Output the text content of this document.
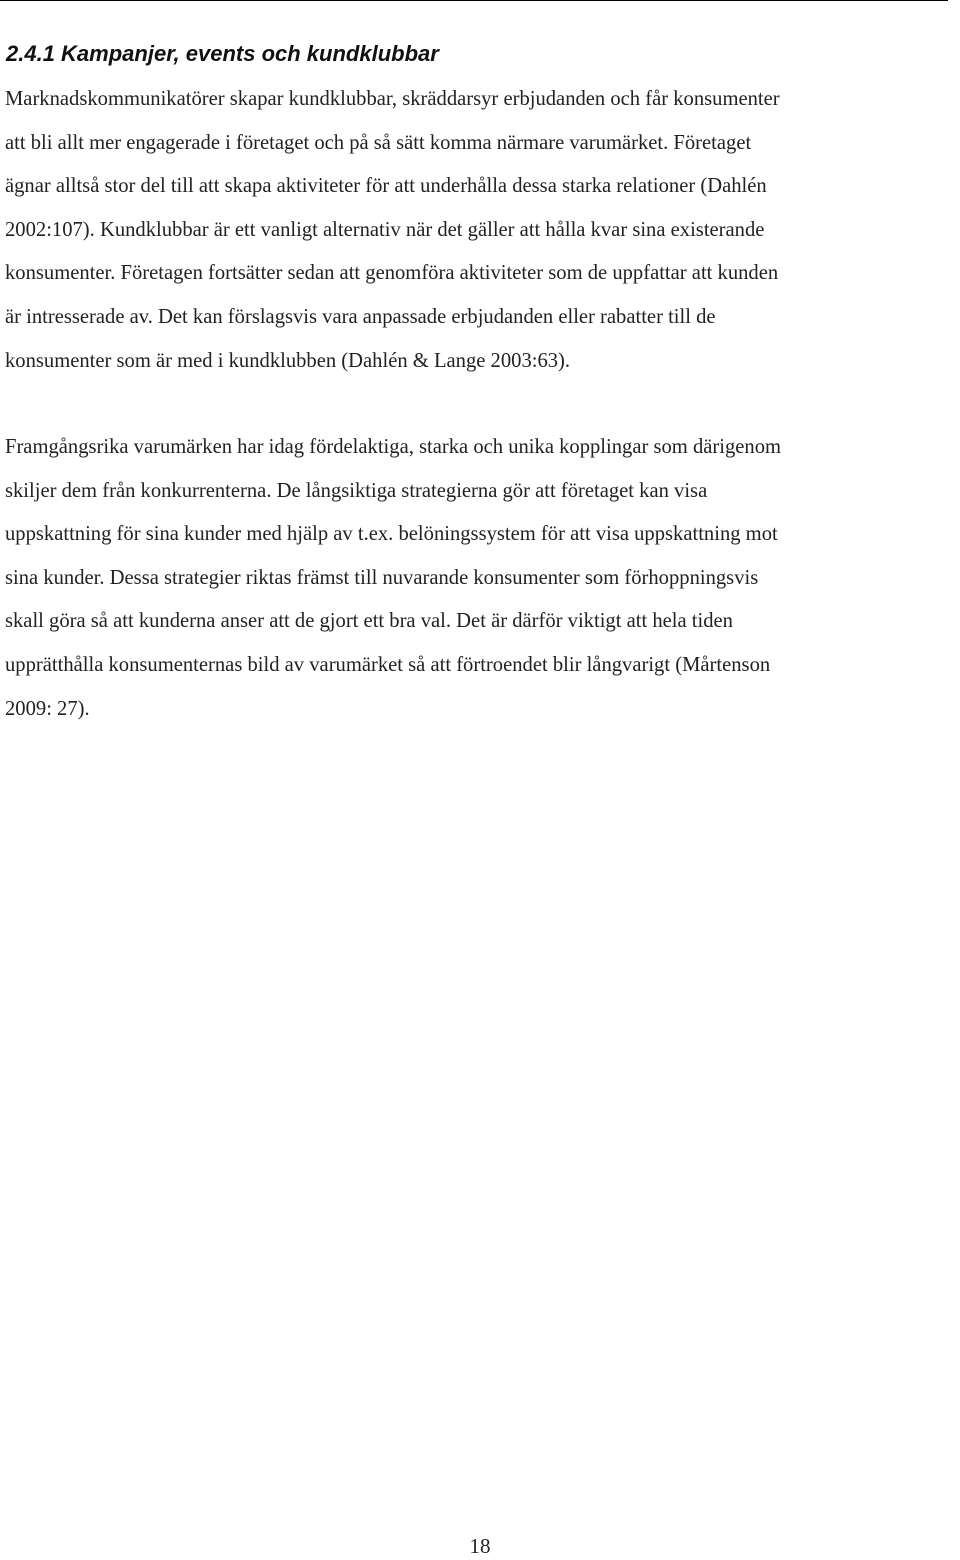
2.4.1 Kampanjer, events och kundklubbar

Marknadskommunikatörer skapar kundklubbar, skräddarsyr erbjudanden och får konsumenter
att bli allt mer engagerade i företaget och på så sätt komma närmare varumärket. Företaget
ägnar alltså stor del till att skapa aktiviteter för att underhålla dessa starka relationer (Dahlén
2002:107). Kundklubbar är ett vanligt alternativ när det gäller att hålla kvar sina existerande
konsumenter. Företagen fortsätter sedan att genomföra aktiviteter som de uppfattar att kunden
är intresserade av. Det kan förslagsvis vara anpassade erbjudanden eller rabatter till de
konsumenter som är med i kundklubben (Dahlén & Lange 2003:63).

Framgångsrika varumärken har idag fördelaktiga, starka och unika kopplingar som därigenom
skiljer dem från konkurrenterna. De långsiktiga strategierna gör att företaget kan visa
uppskattning för sina kunder med hjälp av t.ex. belöningssystem för att visa uppskattning mot
sina kunder. Dessa strategier riktas främst till nuvarande konsumenter som förhoppningsvis
skall göra så att kunderna anser att de gjort ett bra val. Det är därför viktigt att hela tiden
upprätthålla konsumenternas bild av varumärket så att förtroendet blir långvarigt (Mårtenson
2009: 27).

18
